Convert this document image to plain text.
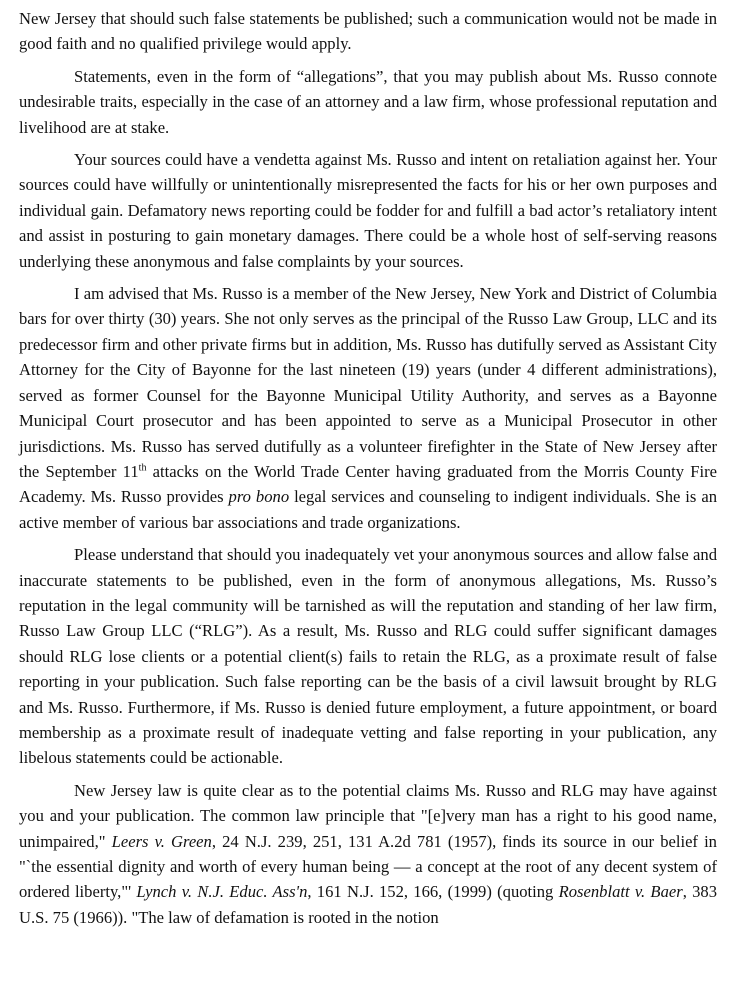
New Jersey that should such false statements be published; such a communication would not be made in good faith and no qualified privilege would apply.

Statements, even in the form of “allegations”, that you may publish about Ms. Russo connote undesirable traits, especially in the case of an attorney and a law firm, whose professional reputation and livelihood are at stake.

Your sources could have a vendetta against Ms. Russo and intent on retaliation against her. Your sources could have willfully or unintentionally misrepresented the facts for his or her own purposes and individual gain. Defamatory news reporting could be fodder for and fulfill a bad actor’s retaliatory intent and assist in posturing to gain monetary damages. There could be a whole host of self-serving reasons underlying these anonymous and false complaints by your sources.

I am advised that Ms. Russo is a member of the New Jersey, New York and District of Columbia bars for over thirty (30) years. She not only serves as the principal of the Russo Law Group, LLC and its predecessor firm and other private firms but in addition, Ms. Russo has dutifully served as Assistant City Attorney for the City of Bayonne for the last nineteen (19) years (under 4 different administrations), served as former Counsel for the Bayonne Municipal Utility Authority, and serves as a Bayonne Municipal Court prosecutor and has been appointed to serve as a Municipal Prosecutor in other jurisdictions. Ms. Russo has served dutifully as a volunteer firefighter in the State of New Jersey after the September 11th attacks on the World Trade Center having graduated from the Morris County Fire Academy. Ms. Russo provides pro bono legal services and counseling to indigent individuals. She is an active member of various bar associations and trade organizations.

Please understand that should you inadequately vet your anonymous sources and allow false and inaccurate statements to be published, even in the form of anonymous allegations, Ms. Russo’s reputation in the legal community will be tarnished as will the reputation and standing of her law firm, Russo Law Group LLC (“RLG”). As a result, Ms. Russo and RLG could suffer significant damages should RLG lose clients or a potential client(s) fails to retain the RLG, as a proximate result of false reporting in your publication. Such false reporting can be the basis of a civil lawsuit brought by RLG and Ms. Russo. Furthermore, if Ms. Russo is denied future employment, a future appointment, or board membership as a proximate result of inadequate vetting and false reporting in your publication, any libelous statements could be actionable.

New Jersey law is quite clear as to the potential claims Ms. Russo and RLG may have against you and your publication. The common law principle that "[e]very man has a right to his good name, unimpaired," Leers v. Green, 24 N.J. 239, 251, 131 A.2d 781 (1957), finds its source in our belief in "`the essential dignity and worth of every human being — a concept at the root of any decent system of ordered liberty,"' Lynch v. N.J. Educ. Ass'n, 161 N.J. 152, 166, (1999) (quoting Rosenblatt v. Baer, 383 U.S. 75 (1966)). "The law of defamation is rooted in the notion
